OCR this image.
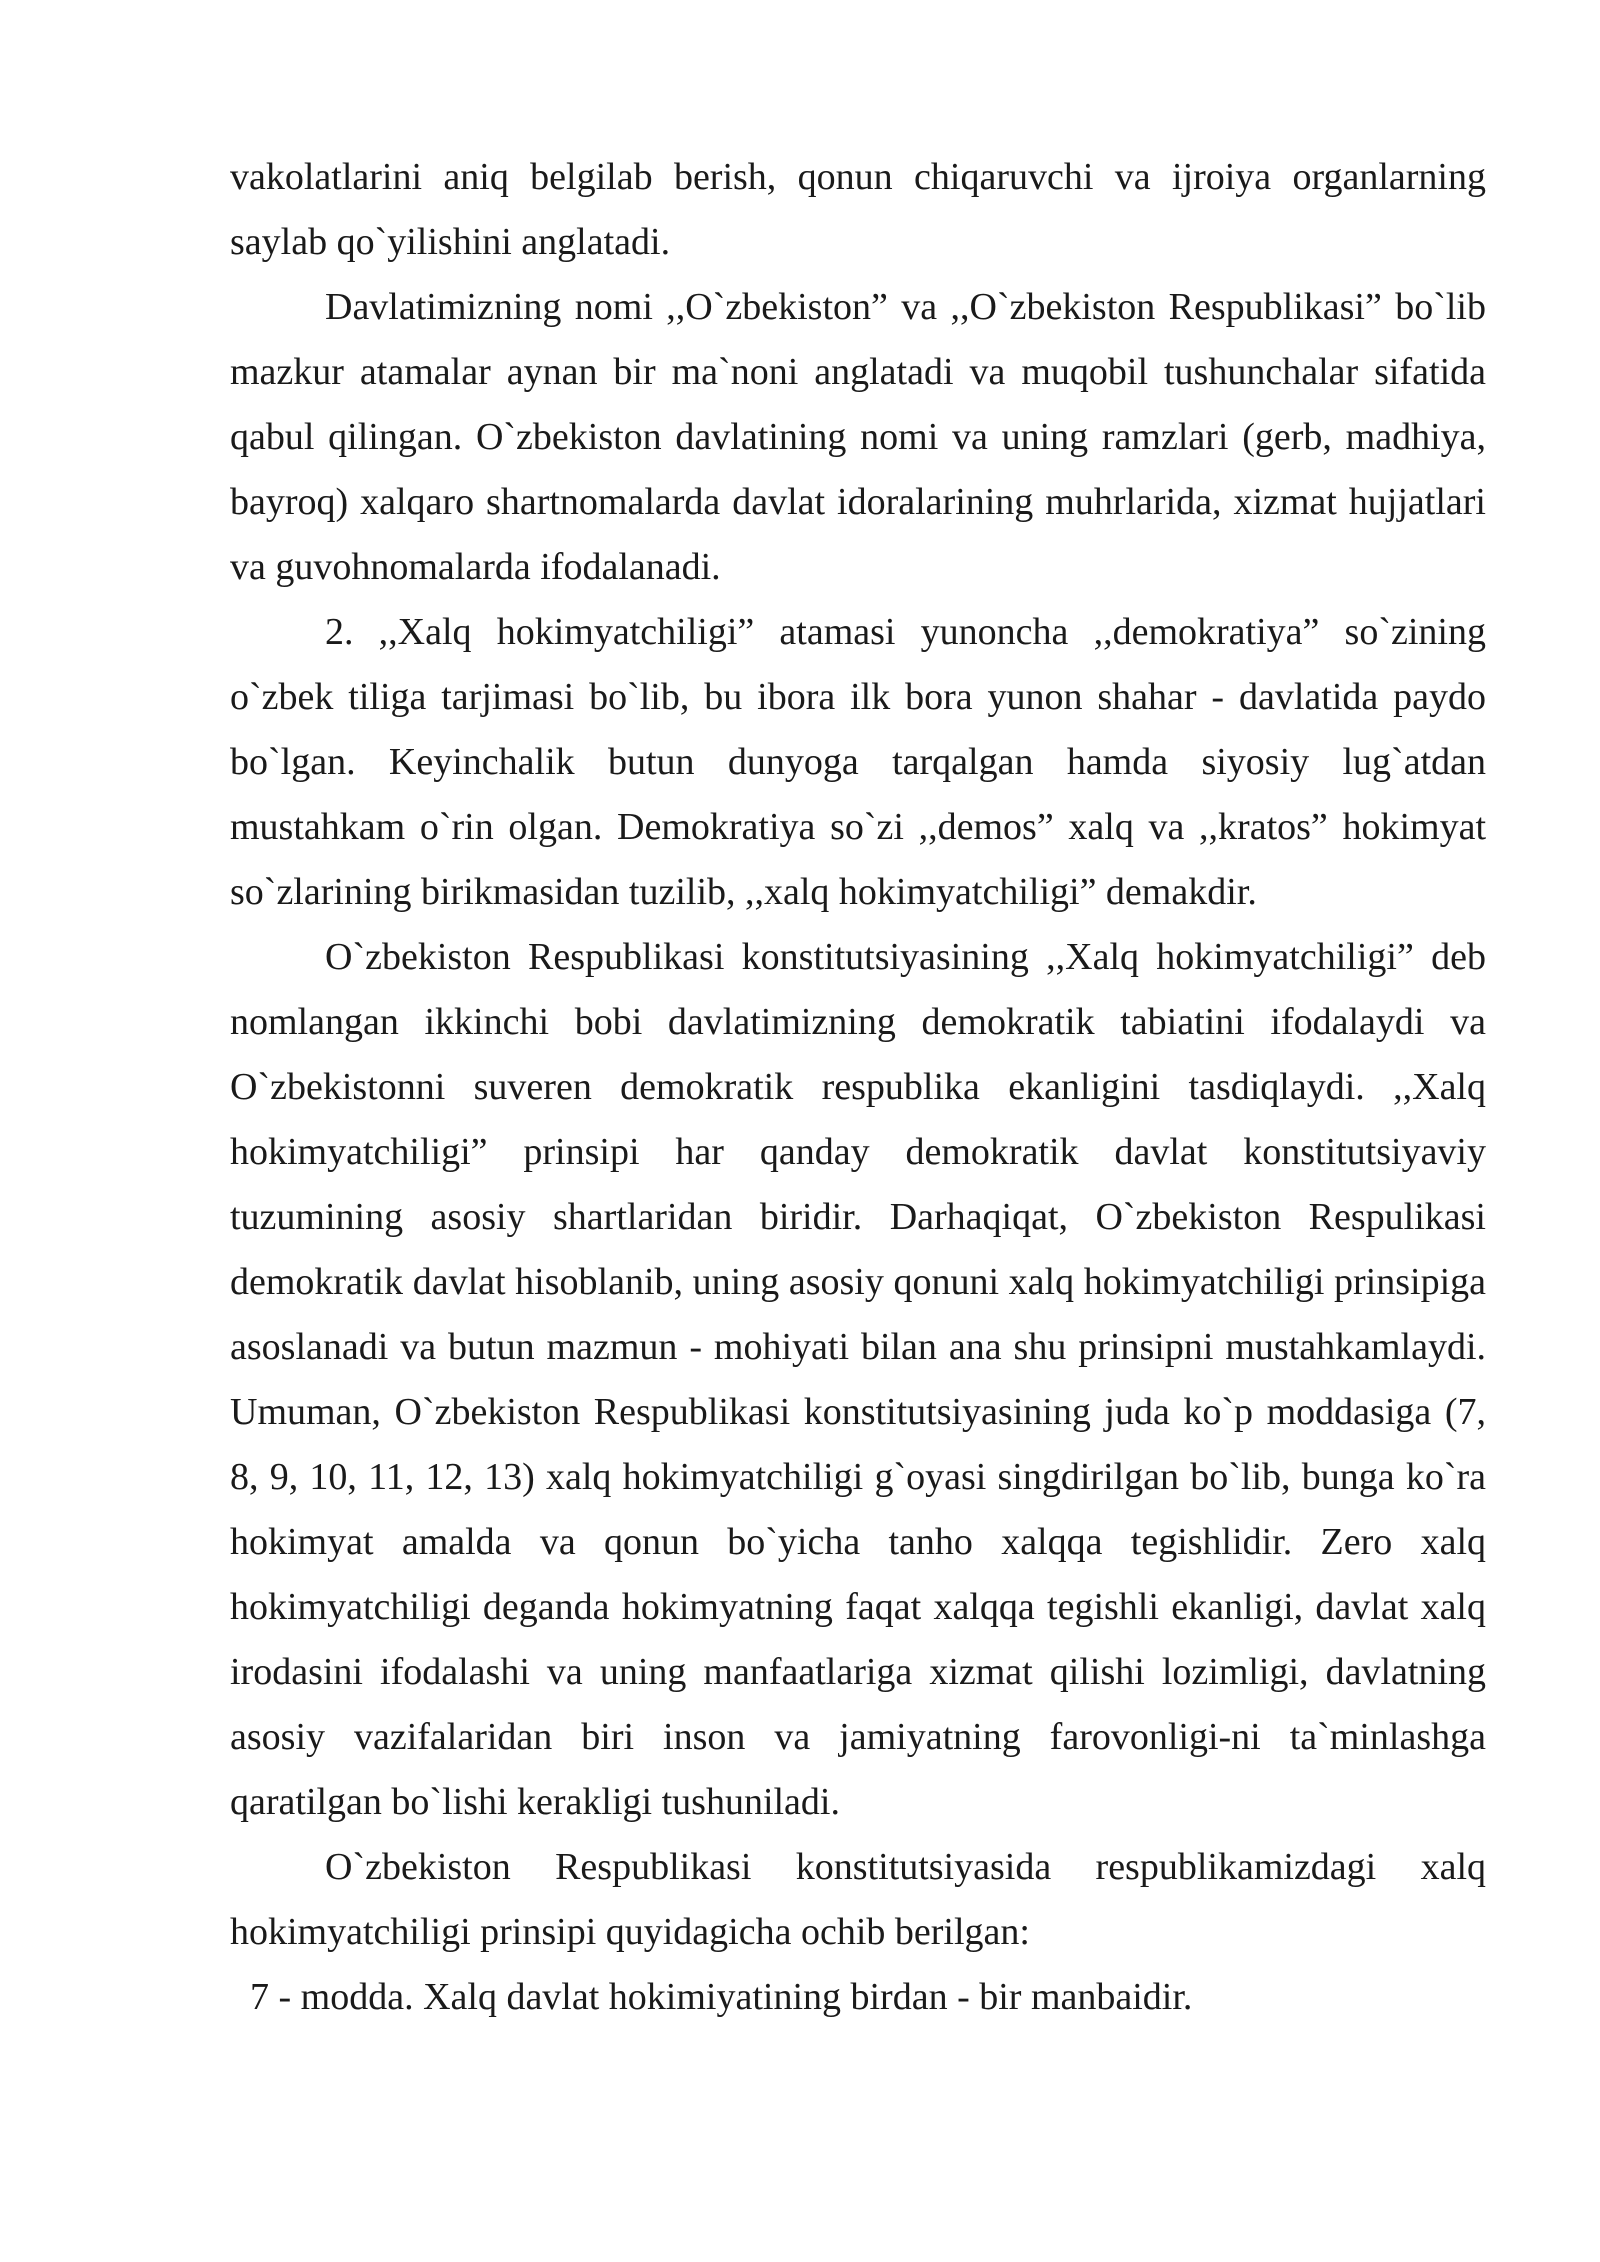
vakolatlarini aniq belgilab berish, qonun chiqaruvchi va ijroiya organlarning saylab qo`yilishini anglatadi.

Davlatimizning nomi ,,O`zbekiston” va ,,O`zbekiston Respublikasi” bo`lib mazkur atamalar aynan bir ma`noni anglatadi va muqobil tushunchalar sifatida qabul qilingan. O`zbekiston davlatining nomi va uning ramzlari (gerb, madhiya, bayroq) xalqaro shartnomalarda davlat idoralarining muhrlarida, xizmat hujjatlari va guvohnomalarda ifodalanadi.

2. ,,Xalq hokimyatchiligi” atamasi yunoncha ,,demokratiya” so`zining o`zbek tiliga tarjimasi bo`lib, bu ibora ilk bora yunon shahar - davlatida paydo bo`lgan. Keyinchalik butun dunyoga tarqalgan hamda siyosiy lug`atdan mustahkam o`rin olgan. Demokratiya so`zi ,,demos” xalq va ,,kratos” hokimyat so`zlarining birikmasidan tuzilib, ,,xalq hokimyatchiligi” demakdir.

O`zbekiston Respublikasi konstitutsiyasining ,,Xalq hokimyatchiligi” deb nomlangan ikkinchi bobi davlatimizning demokratik tabiatini ifodalaydi va O`zbekistonni suveren demokratik respublika ekanligini tasdiqlaydi. ,,Xalq hokimyatchiligi” prinsipi har qanday demokratik davlat konstitutsiyaviy tuzumining asosiy shartlaridan biridir. Darhaqiqat, O`zbekiston Respulikasi demokratik davlat hisoblanib, uning asosiy qonuni xalq hokimyatchiligi prinsipiga asoslanadi va butun mazmun - mohiyati bilan ana shu prinsipni mustahkamlaydi. Umuman, O`zbekiston Respublikasi konstitutsiyasining juda ko`p moddasiga (7, 8, 9, 10, 11, 12, 13) xalq hokimyatchiligi g`oyasi singdirilgan bo`lib, bunga ko`ra hokimyat amalda va qonun bo`yicha tanho xalqqa tegishlidir. Zero xalq hokimyatchiligi deganda hokimyatning faqat xalqqa tegishli ekanligi, davlat xalq irodasini ifodalashi va uning manfaatlariga xizmat qilishi lozimligi, davlatning asosiy vazifalaridan biri inson va jamiyatning farovonligi-ni ta`minlashga qaratilgan bo`lishi kerakligi tushuniladi.

O`zbekiston Respublikasi konstitutsiyasida respublikamizdagi xalq hokimyatchiligi prinsipi quyidagicha ochib berilgan:

7 - modda. Xalq davlat hokimiyatining birdan - bir manbaidir.
